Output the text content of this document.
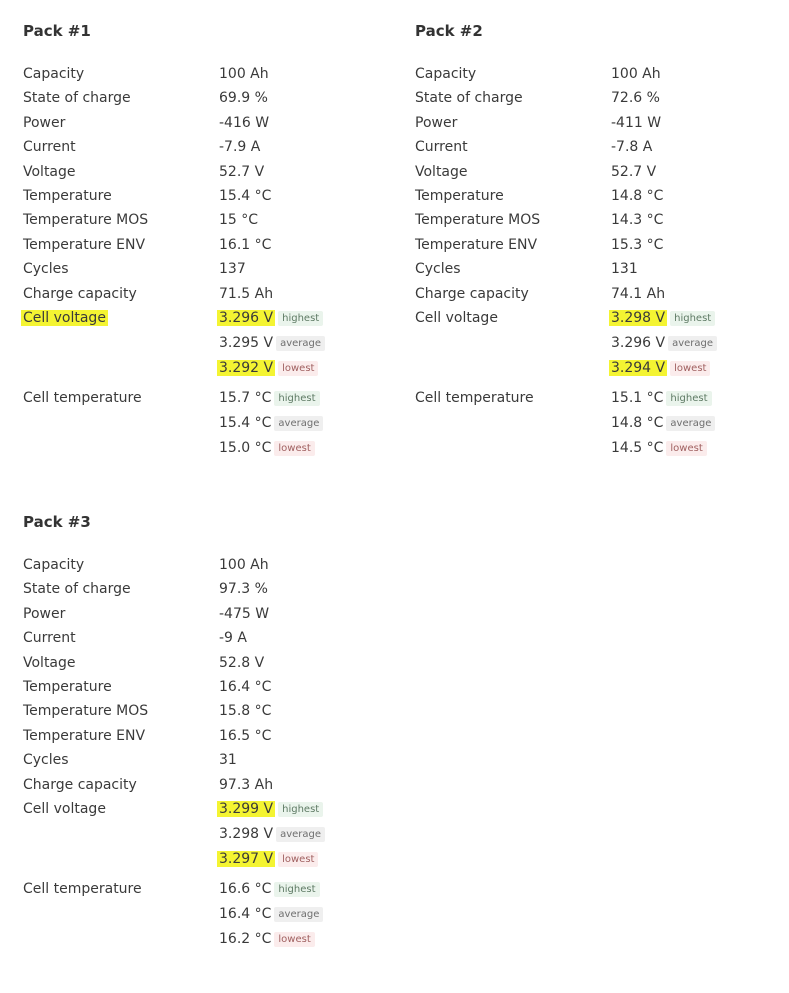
Pack #1
Capacity	100 Ah
State of charge	69.9 %
Power	-416 W
Current	-7.9 A
Voltage	52.7 V
Temperature	15.4 °C
Temperature MOS	15 °C
Temperature ENV	16.1 °C
Cycles	137
Charge capacity	71.5 Ah
Cell voltage	3.296 V highest
3.295 V average
3.292 V lowest
Cell temperature	15.7 °C highest
15.4 °C average
15.0 °C lowest
Pack #2
Capacity	100 Ah
State of charge	72.6 %
Power	-411 W
Current	-7.8 A
Voltage	52.7 V
Temperature	14.8 °C
Temperature MOS	14.3 °C
Temperature ENV	15.3 °C
Cycles	131
Charge capacity	74.1 Ah
Cell voltage	3.298 V highest
3.296 V average
3.294 V lowest
Cell temperature	15.1 °C highest
14.8 °C average
14.5 °C lowest
Pack #3
Capacity	100 Ah
State of charge	97.3 %
Power	-475 W
Current	-9 A
Voltage	52.8 V
Temperature	16.4 °C
Temperature MOS	15.8 °C
Temperature ENV	16.5 °C
Cycles	31
Charge capacity	97.3 Ah
Cell voltage	3.299 V highest
3.298 V average
3.297 V lowest
Cell temperature	16.6 °C highest
16.4 °C average
16.2 °C lowest
